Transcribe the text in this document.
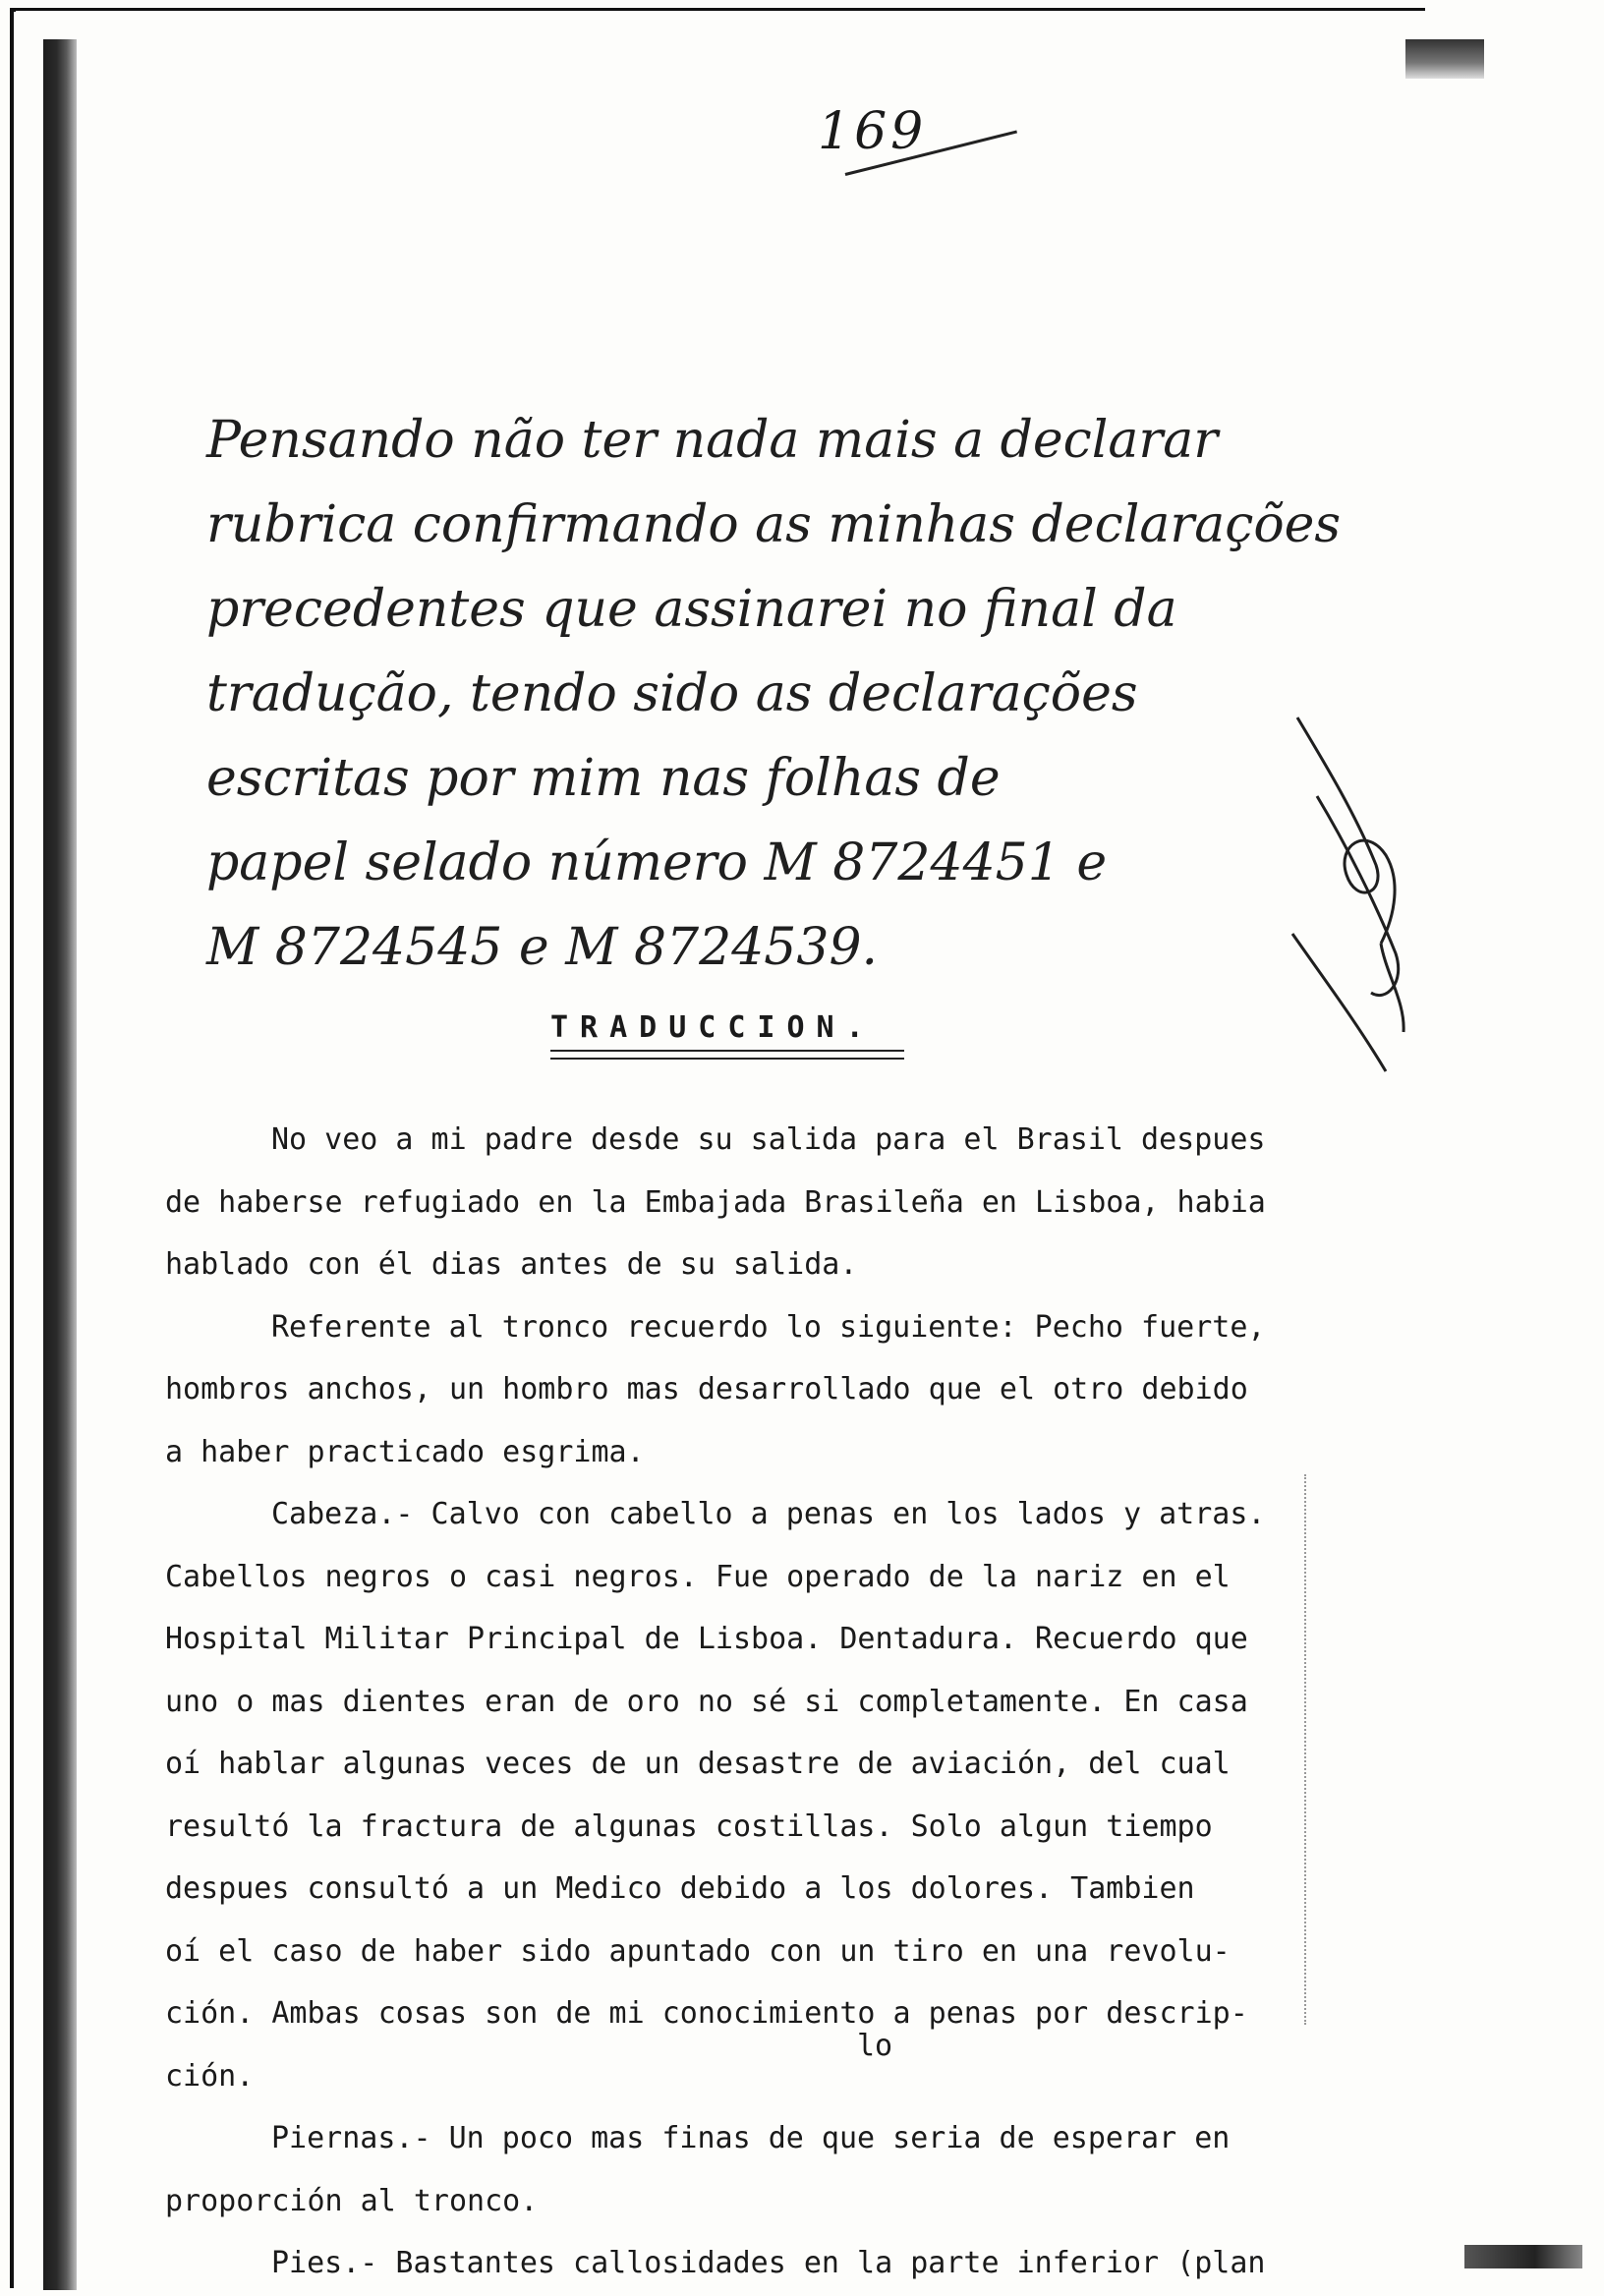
169
Pensando não ter nada mais a declarar
rubrica confirmando as minhas declarações
precedentes que assinarei no final da
tradução, tendo sido as declarações
escritas por mim nas folhas de
papel selado número M 8724451 e
M 8724545 e M 8724539.
TRADUCCION.
No veo a mi padre desde su salida para el Brasil despues
de haberse refugiado en la Embajada Brasileña en Lisboa, habia
hablado con él dias antes de su salida.
Referente al tronco recuerdo lo siguiente: Pecho fuerte,
hombros anchos, un hombro mas desarrollado que el otro debido
a haber practicado esgrima.
Cabeza.- Calvo con cabello a penas en los lados y atras.
Cabellos negros o casi negros. Fue operado de la nariz en el
Hospital Militar Principal de Lisboa. Dentadura. Recuerdo que
uno o mas dientes eran de oro no sé si completamente. En casa
oí hablar algunas veces de un desastre de aviación, del cual
resultó la fractura de algunas costillas. Solo algun tiempo
despues consultó a un Medico debido a los dolores. Tambien
oí el caso de haber sido apuntado con un tiro en una revolu-
ción. Ambas cosas son de mi conocimiento a penas por descrip-
ción.
Piernas.- Un poco mas finas de que seria de esperar en
proporción al tronco.
Pies.- Bastantes callosidades en la parte inferior (plan
lo
